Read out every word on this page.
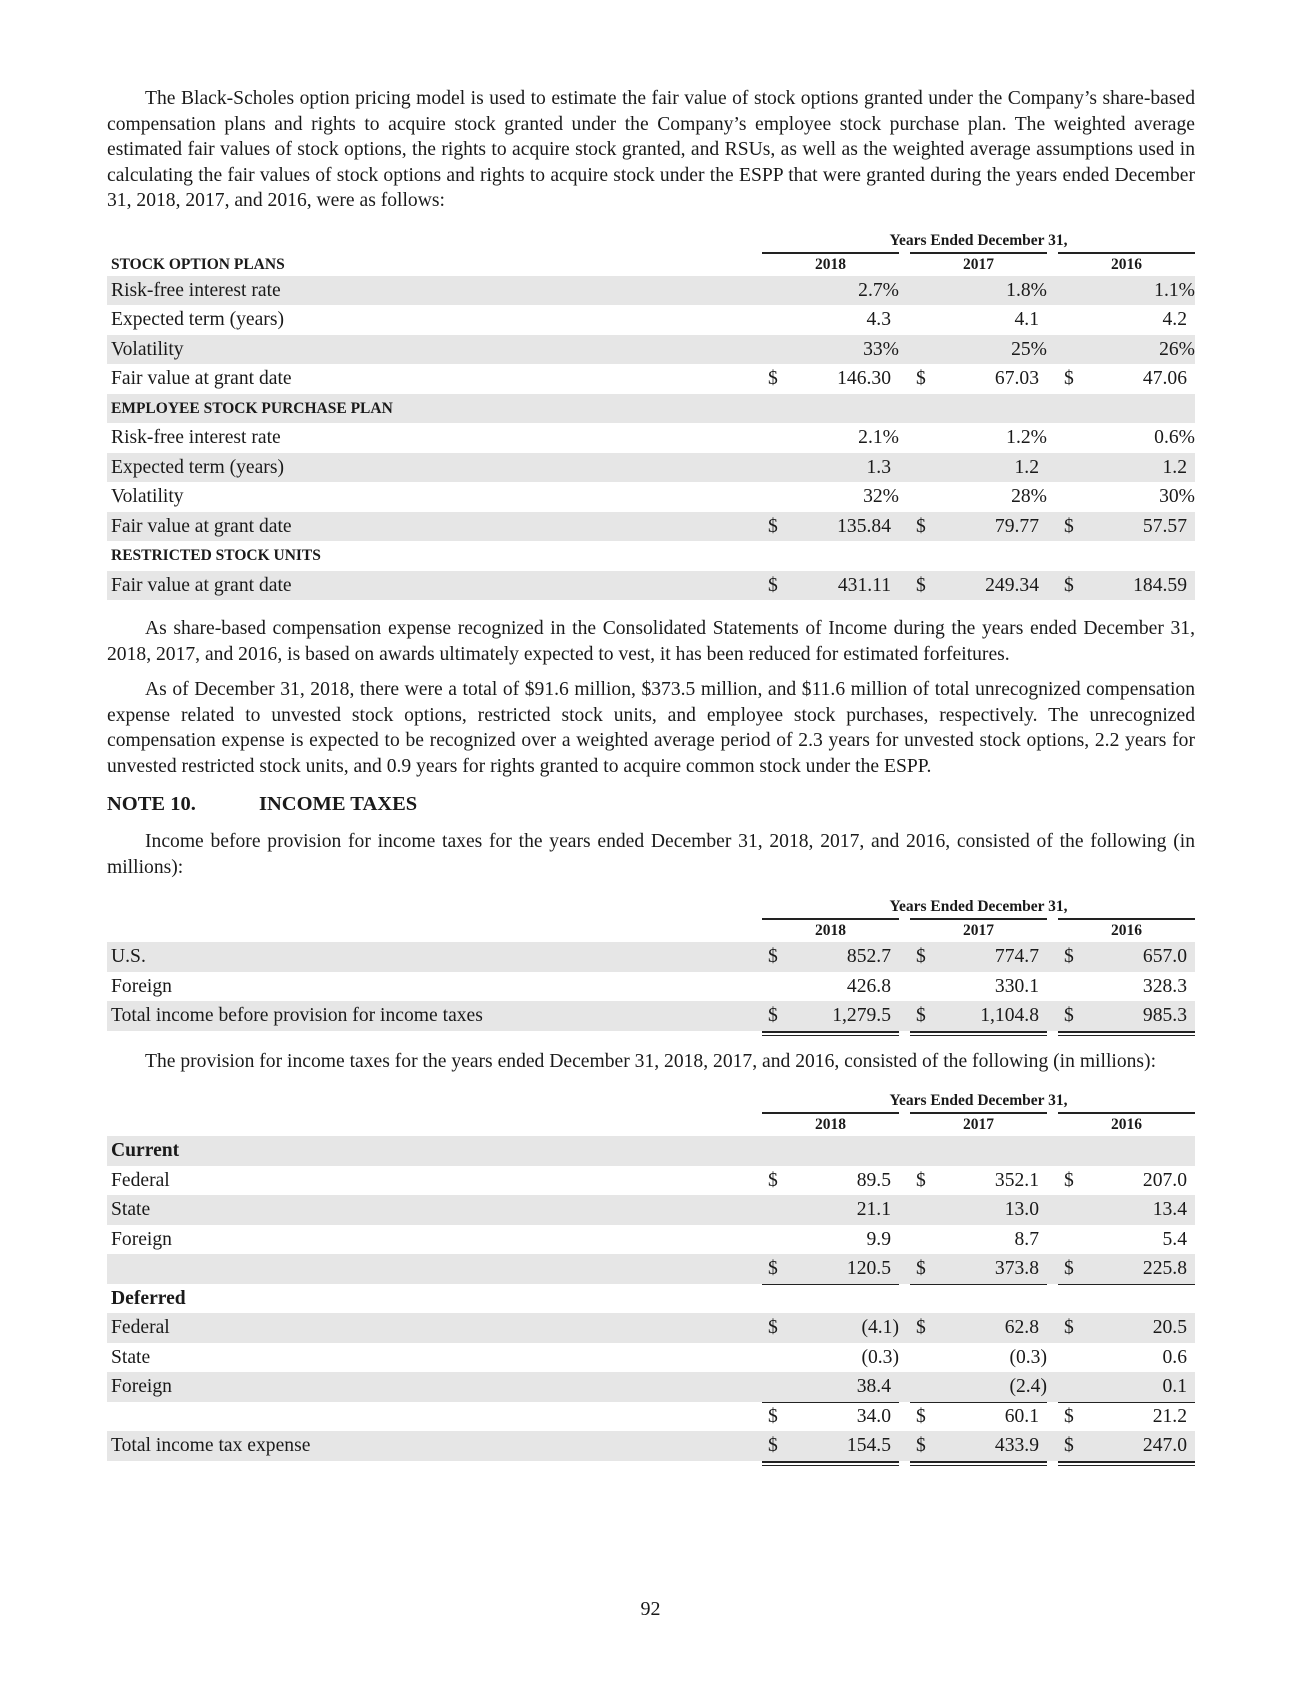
The Black-Scholes option pricing model is used to estimate the fair value of stock options granted under the Company’s share-based compensation plans and rights to acquire stock granted under the Company’s employee stock purchase plan. The weighted average estimated fair values of stock options, the rights to acquire stock granted, and RSUs, as well as the weighted average assumptions used in calculating the fair values of stock options and rights to acquire stock under the ESPP that were granted during the years ended December 31, 2018, 2017, and 2016, were as follows:

Years Ended December 31,
STOCK OPTION PLANS	2018	2017	2016
Risk-free interest rate	2.7%	1.8%	1.1%
Expected term (years)	4.3	4.1	4.2
Volatility	33%	25%	26%
Fair value at grant date	$	146.30 $	67.03 $	47.06
EMPLOYEE STOCK PURCHASE PLAN
Risk-free interest rate	2.1%	1.2%	0.6%
Expected term (years)	1.3	1.2	1.2
Volatility	32%	28%	30%
Fair value at grant date	$	135.84 $	79.77 $	57.57
RESTRICTED STOCK UNITS
Fair value at grant date	$	431.11 $	249.34 $	184.59

As share-based compensation expense recognized in the Consolidated Statements of Income during the years ended December 31, 2018, 2017, and 2016, is based on awards ultimately expected to vest, it has been reduced for estimated forfeitures.

As of December 31, 2018, there were a total of $91.6 million, $373.5 million, and $11.6 million of total unrecognized compensation expense related to unvested stock options, restricted stock units, and employee stock purchases, respectively. The unrecognized compensation expense is expected to be recognized over a weighted average period of 2.3 years for unvested stock options, 2.2 years for unvested restricted stock units, and 0.9 years for rights granted to acquire common stock under the ESPP.

NOTE 10.	INCOME TAXES

Income before provision for income taxes for the years ended December 31, 2018, 2017, and 2016, consisted of the following (in millions):

Years Ended December 31,
2018	2017	2016
U.S.	$	852.7 $	774.7 $	657.0
Foreign	426.8	330.1	328.3
Total income before provision for income taxes	$	1,279.5 $	1,104.8 $	985.3

The provision for income taxes for the years ended December 31, 2018, 2017, and 2016, consisted of the following (in millions):

Years Ended December 31,
2018	2017	2016
Current
Federal	$	89.5 $	352.1 $	207.0
State	21.1	13.0	13.4
Foreign	9.9	8.7	5.4
$	120.5 $	373.8 $	225.8
Deferred
Federal	$	(4.1) $	62.8 $	20.5
State	(0.3)	(0.3)	0.6
Foreign	38.4	(2.4)	0.1
$	34.0 $	60.1 $	21.2
Total income tax expense	$	154.5 $	433.9 $	247.0
92
